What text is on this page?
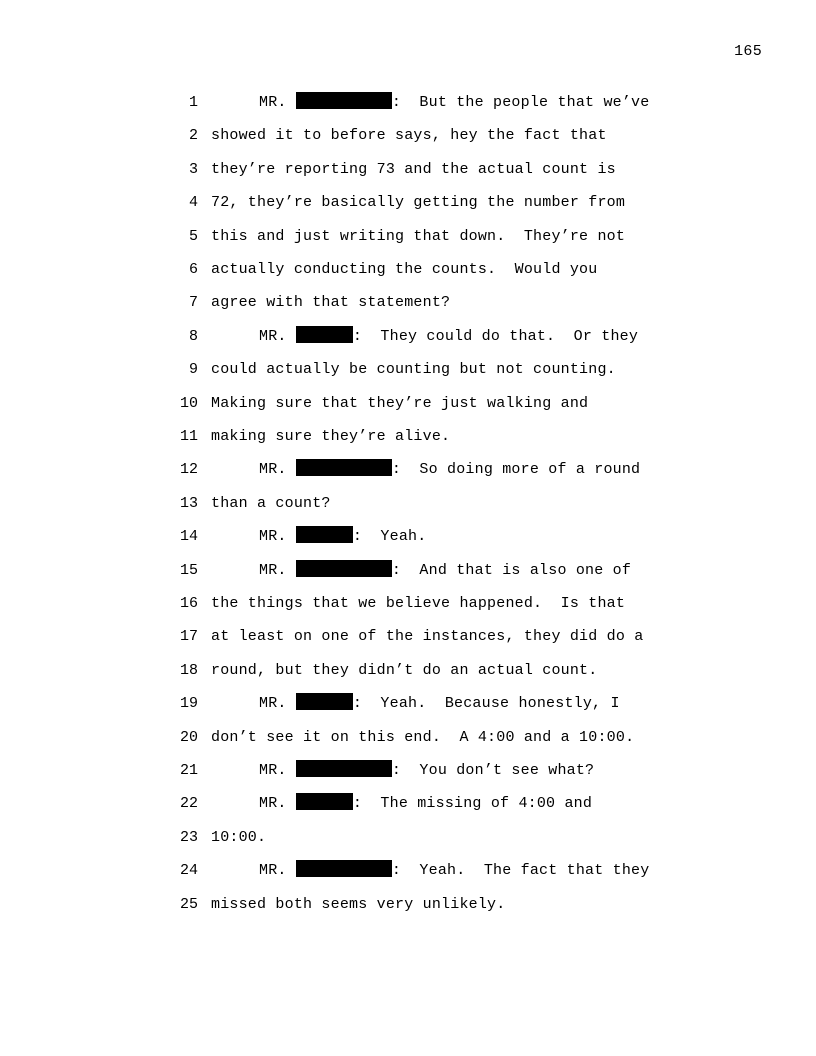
165
1	MR.	:  But the people that we’ve
2 showed it to before says, hey the fact that
3 they’re reporting 73 and the actual count is
4 72, they’re basically getting the number from
5 this and just writing that down.  They’re not
6 actually conducting the counts.  Would you
7 agree with that statement?
8	MR.	:  They could do that.  Or they
9 could actually be counting but not counting.
10 Making sure that they’re just walking and
11 making sure they’re alive.
12	MR.	:  So doing more of a round
13 than a count?
14	MR.	:  Yeah.
15	MR.	:  And that is also one of
16 the things that we believe happened.  Is that
17 at least on one of the instances, they did do a
18 round, but they didn’t do an actual count.
19	MR.	:  Yeah.  Because honestly, I
20 don’t see it on this end.  A 4:00 and a 10:00.
21	MR.	:  You don’t see what?
22	MR.	:  The missing of 4:00 and
23 10:00.
24	MR.	:  Yeah.  The fact that they
25 missed both seems very unlikely.
